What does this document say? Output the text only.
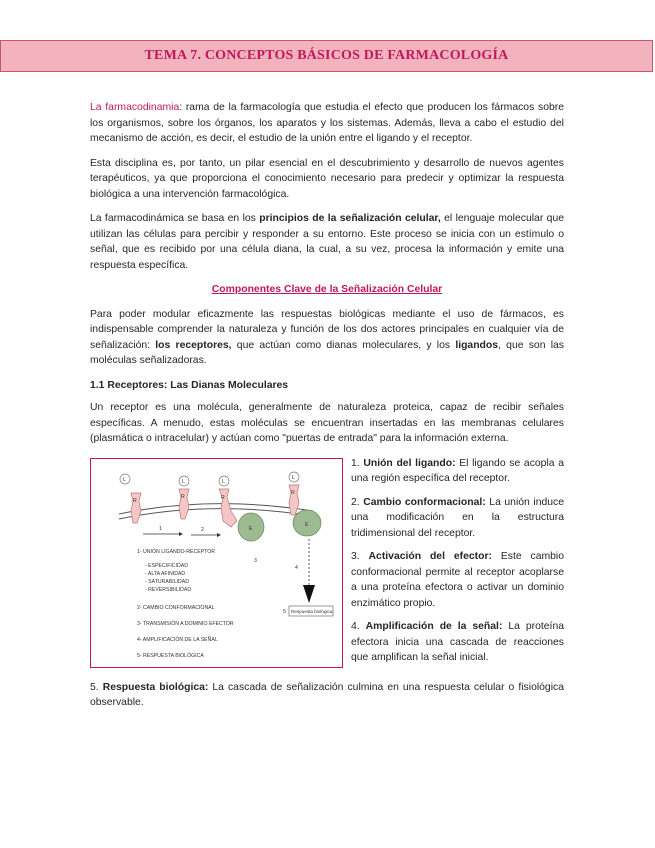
TEMA 7. CONCEPTOS BÁSICOS DE FARMACOLOGÍA

La farmacodinamia: rama de la farmacología que estudia el efecto que producen los fármacos sobre los organismos, sobre los órganos, los aparatos y los sistemas. Además, lleva a cabo el estudio del mecanismo de acción, es decir, el estudio de la unión entre el ligando y el receptor.

Esta disciplina es, por tanto, un pilar esencial en el descubrimiento y desarrollo de nuevos agentes terapéuticos, ya que proporciona el conocimiento necesario para predecir y optimizar la respuesta biológica a una intervención farmacológica.

La farmacodinámica se basa en los principios de la señalización celular, el lenguaje molecular que utilizan las células para percibir y responder a su entorno. Este proceso se inicia con un estímulo o señal, que es recibido por una célula diana, la cual, a su vez, procesa la información y emite una respuesta específica.

Componentes Clave de la Señalización Celular

Para poder modular eficazmente las respuestas biológicas mediante el uso de fármacos, es indispensable comprender la naturaleza y función de los dos actores principales en cualquier vía de señalización: los receptores, que actúan como dianas moleculares, y los ligandos, que son las moléculas señalizadoras.

1.1 Receptores: Las Dianas Moleculares

Un receptor es una molécula, generalmente de naturaleza proteica, capaz de recibir señales específicas. A menudo, estas moléculas se encuentran insertadas en las membranas celulares (plasmática o intracelular) y actúan como "puertas de entrada" para la información externa.

R
L
R
L
R
L
E
R
L
E
1	2
3
4
1- UNIÓN LIGANDO-RECEPTOR
- ESPECIFICIDAD
- ALTA AFINIDAD
- SATURABILIDAD
- REVERSIBILIDAD
2- CAMBIO CONFORMACIONAL
3- TRANSMISIÓN A DOMINIO EFECTOR
4- AMPLIFICACIÓN DE LA SEÑAL
5- RESPUESTA BIOLÓGICA
5 Respuesta biológica

1. Unión del ligando: El ligando se acopla a una región específica del receptor.

2. Cambio conformacional: La unión induce una modificación en la estructura tridimensional del receptor.

3. Activación del efector: Este cambio conformacional permite al receptor acoplarse a una proteína efectora o activar un dominio enzimático propio.

4. Amplificación de la señal: La proteína efectora inicia una cascada de reacciones que amplifican la señal inicial.

5. Respuesta biológica: La cascada de señalización culmina en una respuesta celular o fisiológica observable.
